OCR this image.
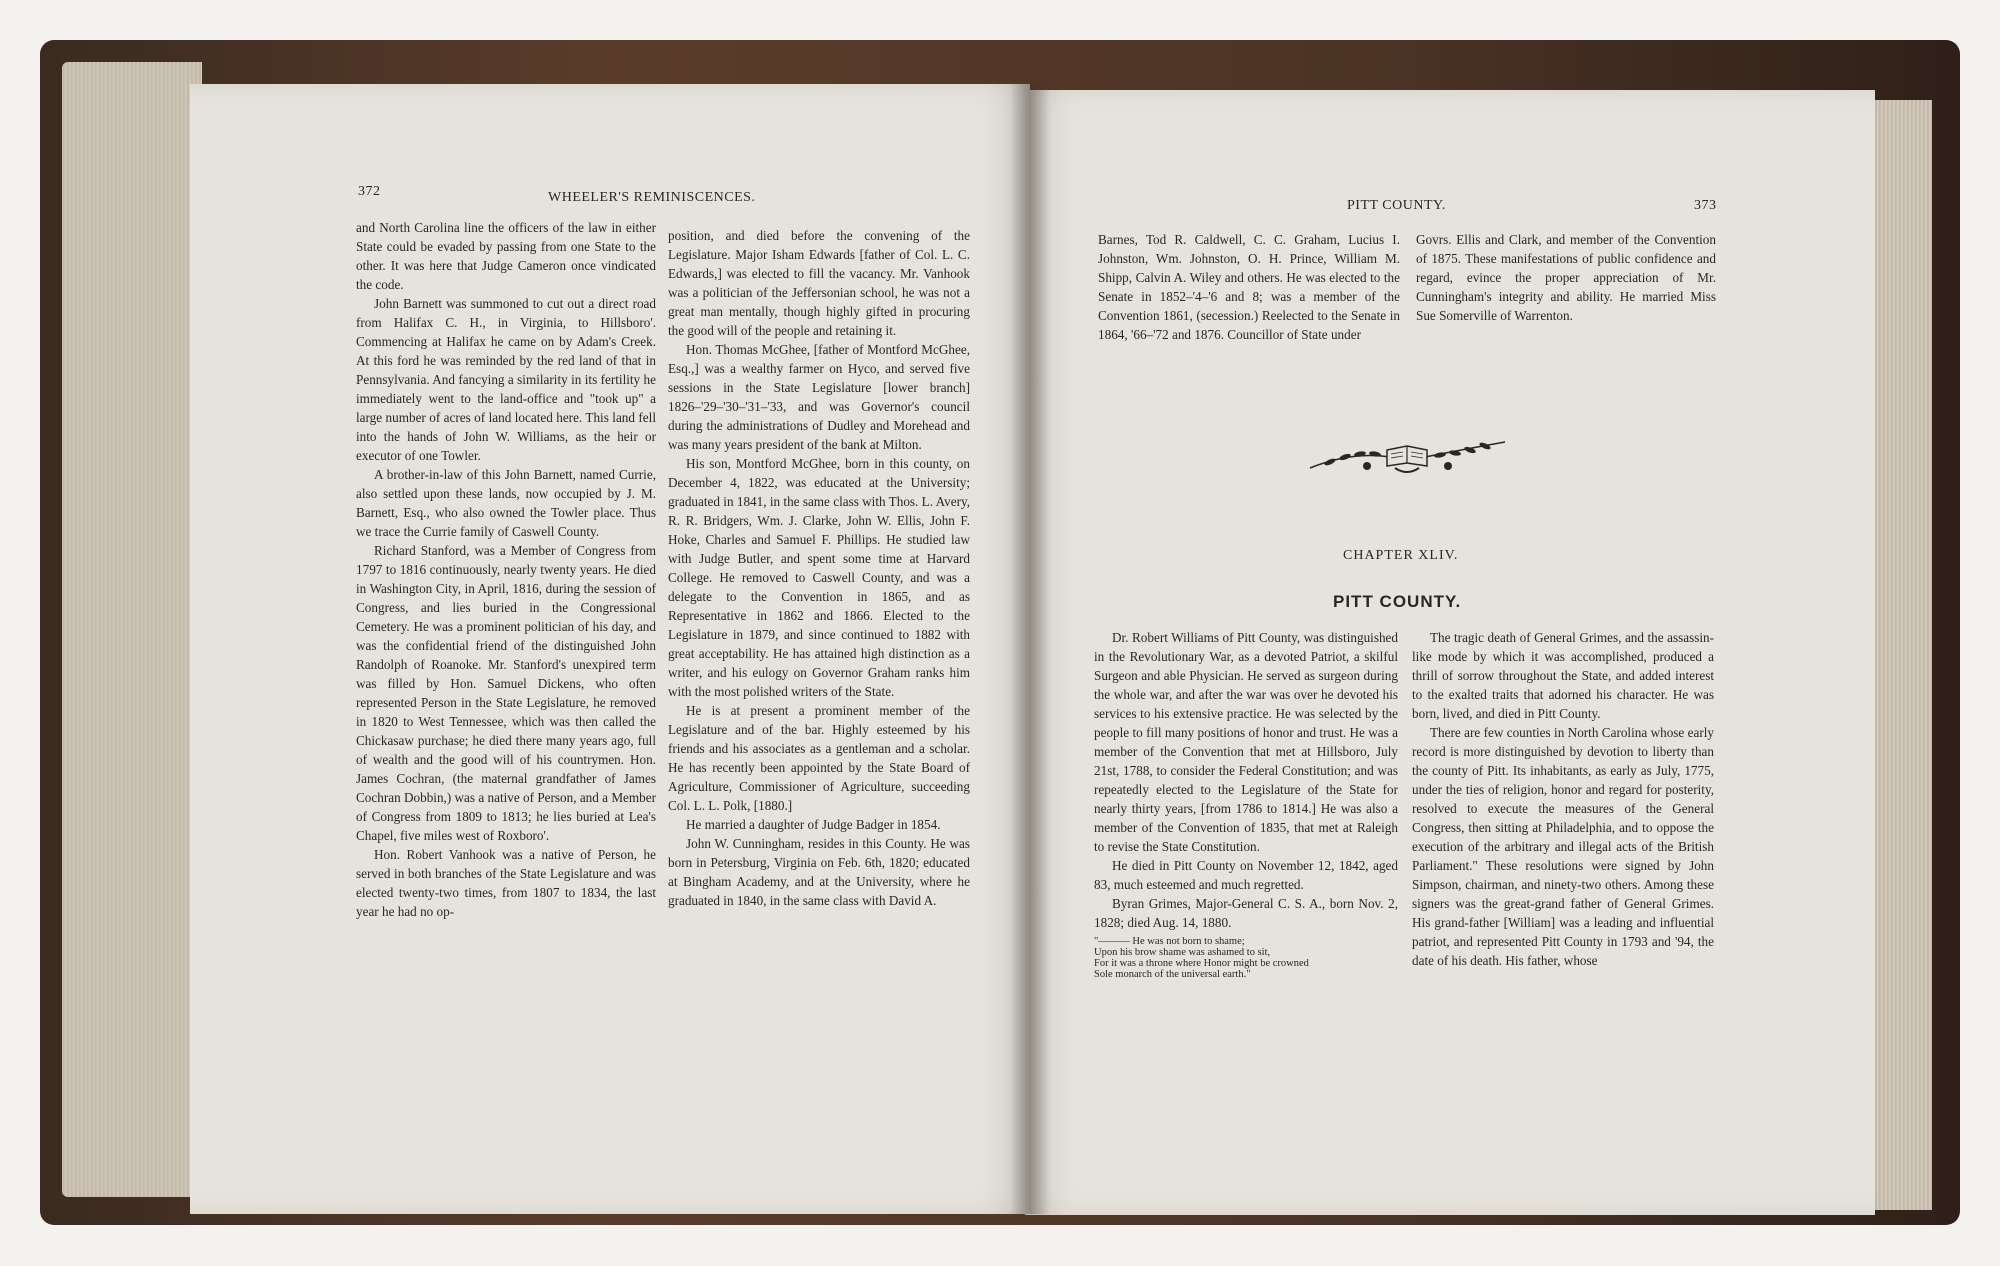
372	WHEELER'S REMINISCENCES.

and North Carolina line the officers of the law in either State could be evaded by passing from one State to the other. It was here that Judge Cameron once vindicated the code.

John Barnett was summoned to cut out a direct road from Halifax C. H., in Virginia, to Hillsboro'. Commencing at Halifax he came on by Adam's Creek. At this ford he was reminded by the red land of that in Pennsylvania. And fancying a similarity in its fertility he immediately went to the land-office and "took up" a large number of acres of land located here. This land fell into the hands of John W. Williams, as the heir or executor of one Towler.

A brother-in-law of this John Barnett, named Currie, also settled upon these lands, now occupied by J. M. Barnett, Esq., who also owned the Towler place. Thus we trace the Currie family of Caswell County.

Richard Stanford, was a Member of Congress from 1797 to 1816 continuously, nearly twenty years. He died in Washington City, in April, 1816, during the session of Congress, and lies buried in the Congressional Cemetery. He was a prominent politician of his day, and was the confidential friend of the distinguished John Randolph of Roanoke. Mr. Stanford's unexpired term was filled by Hon. Samuel Dickens, who often represented Person in the State Legislature, he removed in 1820 to West Tennessee, which was then called the Chickasaw purchase; he died there many years ago, full of wealth and the good will of his countrymen. Hon. James Cochran, (the maternal grandfather of James Cochran Dobbin,) was a native of Person, and a Member of Congress from 1809 to 1813; he lies buried at Lea's Chapel, five miles west of Roxboro'.

Hon. Robert Vanhook was a native of Person, he served in both branches of the State Legislature and was elected twenty-two times, from 1807 to 1834, the last year he had no op-

position, and died before the convening of the Legislature. Major Isham Edwards [father of Col. L. C. Edwards,] was elected to fill the vacancy. Mr. Vanhook was a politician of the Jeffersonian school, he was not a great man mentally, though highly gifted in procuring the good will of the people and retaining it.

Hon. Thomas McGhee, [father of Montford McGhee, Esq.,] was a wealthy farmer on Hyco, and served five sessions in the State Legislature [lower branch] 1826–'29–'30–'31–'33, and was Governor's council during the administrations of Dudley and Morehead and was many years president of the bank at Milton.

His son, Montford McGhee, born in this county, on December 4, 1822, was educated at the University; graduated in 1841, in the same class with Thos. L. Avery, R. R. Bridgers, Wm. J. Clarke, John W. Ellis, John F. Hoke, Charles and Samuel F. Phillips. He studied law with Judge Butler, and spent some time at Harvard College. He removed to Caswell County, and was a delegate to the Convention in 1865, and as Representative in 1862 and 1866. Elected to the Legislature in 1879, and since continued to 1882 with great acceptability. He has attained high distinction as a writer, and his eulogy on Governor Graham ranks him with the most polished writers of the State.

He is at present a prominent member of the Legislature and of the bar. Highly esteemed by his friends and his associates as a gentleman and a scholar. He has recently been appointed by the State Board of Agriculture, Commissioner of Agriculture, succeeding Col. L. L. Polk, [1880.]

He married a daughter of Judge Badger in 1854.

John W. Cunningham, resides in this County. He was born in Petersburg, Virginia on Feb. 6th, 1820; educated at Bingham Academy, and at the University, where he graduated in 1840, in the same class with David A.

PITT COUNTY.	373

Barnes, Tod R. Caldwell, C. C. Graham, Lucius I. Johnston, Wm. Johnston, O. H. Prince, William M. Shipp, Calvin A. Wiley and others. He was elected to the Senate in 1852–'4–'6 and 8; was a member of the Convention 1861, (secession.) Reelected to the Senate in 1864, '66–'72 and 1876. Councillor of State under

Govrs. Ellis and Clark, and member of the Convention of 1875. These manifestations of public confidence and regard, evince the proper appreciation of Mr. Cunningham's integrity and ability. He married Miss Sue Somerville of Warrenton.

CHAPTER XLIV.
PITT COUNTY.

Dr. Robert Williams of Pitt County, was distinguished in the Revolutionary War, as a devoted Patriot, a skilful Surgeon and able Physician. He served as surgeon during the whole war, and after the war was over he devoted his services to his extensive practice. He was selected by the people to fill many positions of honor and trust. He was a member of the Convention that met at Hillsboro, July 21st, 1788, to consider the Federal Constitution; and was repeatedly elected to the Legislature of the State for nearly thirty years, [from 1786 to 1814.] He was also a member of the Convention of 1835, that met at Raleigh to revise the State Constitution.

He died in Pitt County on November 12, 1842, aged 83, much esteemed and much regretted.

Byran Grimes, Major-General C. S. A., born Nov. 2, 1828; died Aug. 14, 1880.

"——— He was not born to shame;
Upon his brow shame was ashamed to sit,
For it was a throne where Honor might be crowned
Sole monarch of the universal earth."

The tragic death of General Grimes, and the assassin-like mode by which it was accomplished, produced a thrill of sorrow throughout the State, and added interest to the exalted traits that adorned his character. He was born, lived, and died in Pitt County.

There are few counties in North Carolina whose early record is more distinguished by devotion to liberty than the county of Pitt. Its inhabitants, as early as July, 1775, under the ties of religion, honor and regard for posterity, resolved to execute the measures of the General Congress, then sitting at Philadelphia, and to oppose the execution of the arbitrary and illegal acts of the British Parliament." These resolutions were signed by John Simpson, chairman, and ninety-two others. Among these signers was the great-grand father of General Grimes. His grand-father [William] was a leading and influential patriot, and represented Pitt County in 1793 and '94, the date of his death. His father, whose
